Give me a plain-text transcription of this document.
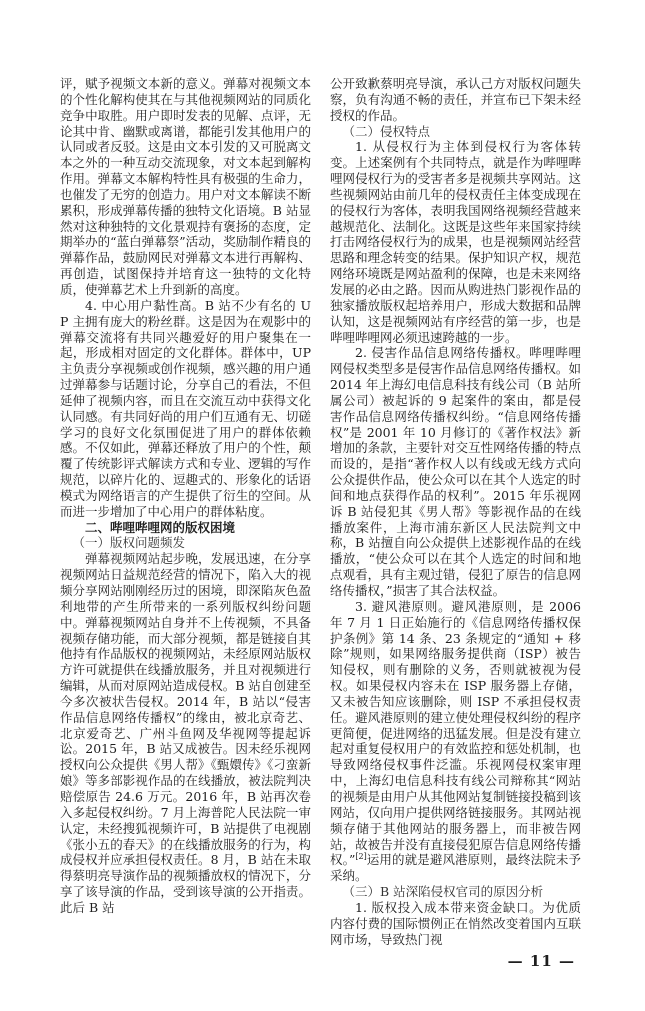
评，赋予视频文本新的意义。弹幕对视频文本的个性化解构使其在与其他视频网站的同质化竞争中取胜。用户即时发表的见解、点评，无论其中肯、幽默或离谱，都能引发其他用户的认同或者反驳。这是由文本引发的又可脱离文本之外的一种互动交流现象，对文本起到解构作用。弹幕文本解构特性具有极强的生命力，也催发了无穷的创造力。用户对文本解读不断累积，形成弹幕传播的独特文化语境。B 站显然对这种独特的文化景观持有褒扬的态度，定期举办的“蓝白弹幕祭”活动，奖励制作精良的弹幕作品，鼓励网民对弹幕文本进行再解构、再创造，试图保持并培育这一独特的文化特质，使弹幕艺术上升到新的高度。

4. 中心用户黏性高。B 站不少有名的 UP 主拥有庞大的粉丝群。这是因为在观影中的弹幕交流将有共同兴趣爱好的用户聚集在一起，形成相对固定的文化群体。群体中，UP 主负责分享视频或创作视频，感兴趣的用户通过弹幕参与话题讨论，分享自己的看法，不但延伸了视频内容，而且在交流互动中获得文化认同感。有共同好尚的用户们互通有无、切磋学习的良好文化氛围促进了用户的群体依赖感。不仅如此，弹幕还释放了用户的个性，颠覆了传统影评式解读方式和专业、逻辑的写作规范，以碎片化的、逗趣式的、形象化的话语模式为网络语言的产生提供了衍生的空间。从而进一步增加了中心用户的群体粘度。

二、哔哩哔哩网的版权困境

（一）版权问题频发

弹幕视频网站起步晚，发展迅速，在分享视频网站日益规范经营的情况下，陷入大的视频分享网站刚刚经历过的困境，即深陷灰色盈利地带的产生所带来的一系列版权纠纷问题中。弹幕视频网站自身并不上传视频，不具备视频存储功能，而大部分视频，都是链接自其他持有作品版权的视频网站，未经原网站版权方许可就提供在线播放服务，并且对视频进行编辑，从而对原网站造成侵权。B 站自创建至今多次被状告侵权。2014 年，B 站以“侵害作品信息网络传播权”的缘由，被北京奇艺、北京爱奇艺、广州斗鱼网及华视网等提起诉讼。2015 年，B 站又成被告。因未经乐视网授权向公众提供《男人帮》《甄嬛传》《刁蛮新娘》等多部影视作品的在线播放，被法院判决赔偿原告 24.6 万元。2016 年，B 站再次卷入多起侵权纠纷。7 月上海普陀人民法院一审认定，未经搜狐视频许可，B 站提供了电视剧《张小五的春天》的在线播放服务的行为，构成侵权并应承担侵权责任。8 月，B 站在未取得蔡明亮导演作品的视频播放权的情况下，分享了该导演的作品，受到该导演的公开指责。此后 B 站

公开致歉蔡明亮导演，承认己方对版权问题失察，负有沟通不畅的责任，并宣布已下架未经授权的作品。

（二）侵权特点

1. 从侵权行为主体到侵权行为客体转变。上述案例有个共同特点，就是作为哔哩哔哩网侵权行为的受害者多是视频共享网站。这些视频网站由前几年的侵权责任主体变成现在的侵权行为客体，表明我国网络视频经营越来越规范化、法制化。这既是这些年来国家持续打击网络侵权行为的成果，也是视频网站经营思路和理念转变的结果。保护知识产权，规范网络环境既是网站盈利的保障，也是未来网络发展的必由之路。因而从购进热门影视作品的独家播放版权起培养用户，形成大数据和品牌认知，这是视频网站有序经营的第一步，也是哔哩哔哩网必须迅速跨越的一步。

2. 侵害作品信息网络传播权。哔哩哔哩网侵权类型多是侵害作品信息网络传播权。如 2014 年上海幻电信息科技有线公司（B 站所属公司）被起诉的 9 起案件的案由，都是侵害作品信息网络传播权纠纷。“信息网络传播权”是 2001 年 10 月修订的《著作权法》新增加的条款，主要针对交互性网络传播的特点而设的，是指“著作权人以有线或无线方式向公众提供作品，使公众可以在其个人选定的时间和地点获得作品的权利”。2015 年乐视网诉 B 站侵犯其《男人帮》等影视作品的在线播放案件，上海市浦东新区人民法院判文中称，B 站擅自向公众提供上述影视作品的在线播放，“使公众可以在其个人选定的时间和地点观看，具有主观过错，侵犯了原告的信息网络传播权，”损害了其合法权益。

3. 避风港原则。避风港原则，是 2006 年 7 月 1 日正始施行的《信息网络传播权保护条例》第 14 条、23 条规定的“通知 + 移除”规则，如果网络服务提供商（ISP）被告知侵权，则有删除的义务，否则就被视为侵权。如果侵权内容未在 ISP 服务器上存储，又未被告知应该删除，则 ISP 不承担侵权责任。避风港原则的建立使处理侵权纠纷的程序更简便，促进网络的迅猛发展。但是没有建立起对重复侵权用户的有效监控和惩处机制，也导致网络侵权事件泛滥。乐视网侵权案审理中，上海幻电信息科技有线公司辩称其“网站的视频是由用户从其他网站复制链接投稿到该网站，仅向用户提供网络链接服务。其网站视频存储于其他网站的服务器上，而非被告网站，故被告并没有直接侵犯原告信息网络传播权。”[2]运用的就是避风港原则，最终法院未予采纳。

（三）B 站深陷侵权官司的原因分析

1. 版权投入成本带来资金缺口。为优质内容付费的国际惯例正在悄然改变着国内互联网市场，导致热门视

— 11 —
